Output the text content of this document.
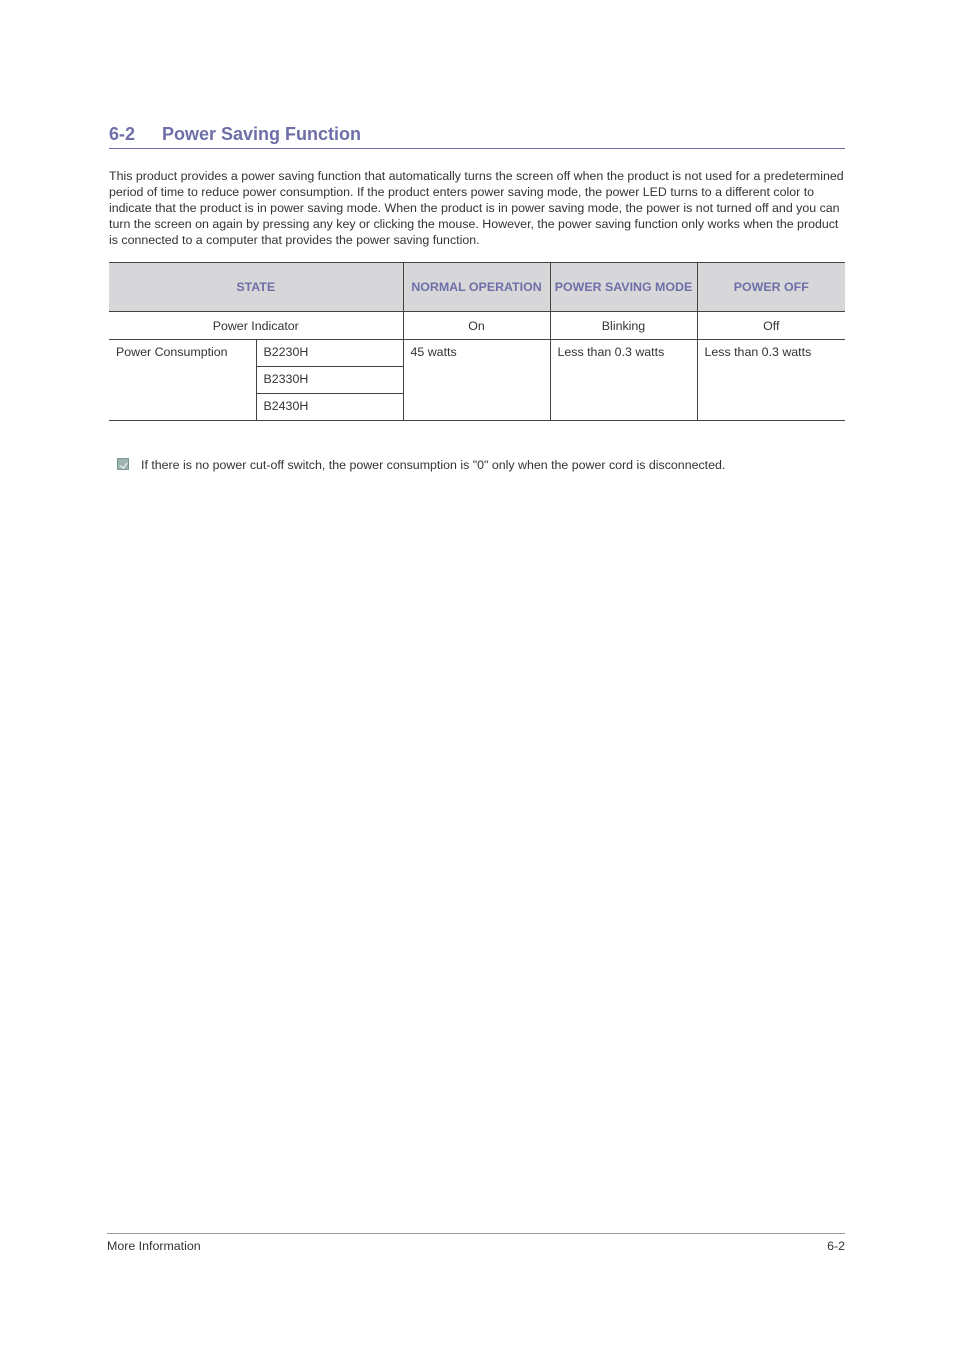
6-2 Power Saving Function

This product provides a power saving function that automatically turns the screen off when the product is not used for a predetermined period of time to reduce power consumption. If the product enters power saving mode, the power LED turns to a different color to indicate that the product is in power saving mode. When the product is in power saving mode, the power is not turned off and you can turn the screen on again by pressing any key or clicking the mouse. However, the power saving function only works when the product is connected to a computer that provides the power saving function.

STATE		NORMAL OPERATION	POWER SAVING MODE	POWER OFF
Power Indicator		On	Blinking	Off
Power Consumption	B2230H	45 watts	Less than 0.3 watts	Less than 0.3 watts
	B2330H			
	B2430H			
If there is no power cut-off switch, the power consumption is "0" only when the power cord is disconnected.
More Information	6-2
